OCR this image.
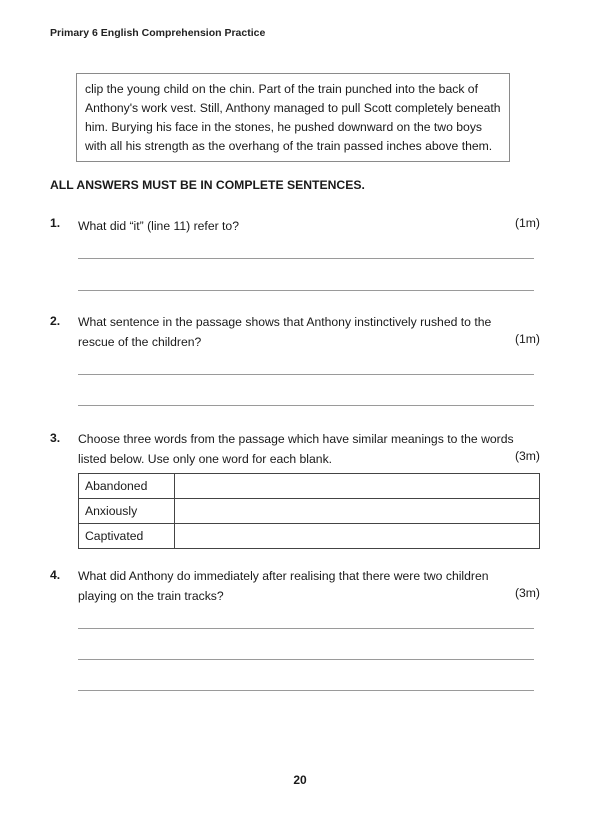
Primary 6 English Comprehension Practice

clip the young child on the chin. Part of the train punched into the back of

Anthony's work vest. Still, Anthony managed to pull Scott completely beneath

him. Burying his face in the stones, he pushed downward on the two boys

with all his strength as the overhang of the train passed inches above them.

ALL ANSWERS MUST BE IN COMPLETE SENTENCES.
1. What did “it” (line 11) refer to?	(1m)
2. What sentence in the passage shows that Anthony instinctively rushed to the
rescue of the children?	(1m)
3. Choose three words from the passage which have similar meanings to the words
listed below. Use only one word for each blank.	(3m)
Abandoned	
Anxiously	
Captivated	
4. What did Anthony do immediately after realising that there were two children
playing on the train tracks?	(3m)
20
